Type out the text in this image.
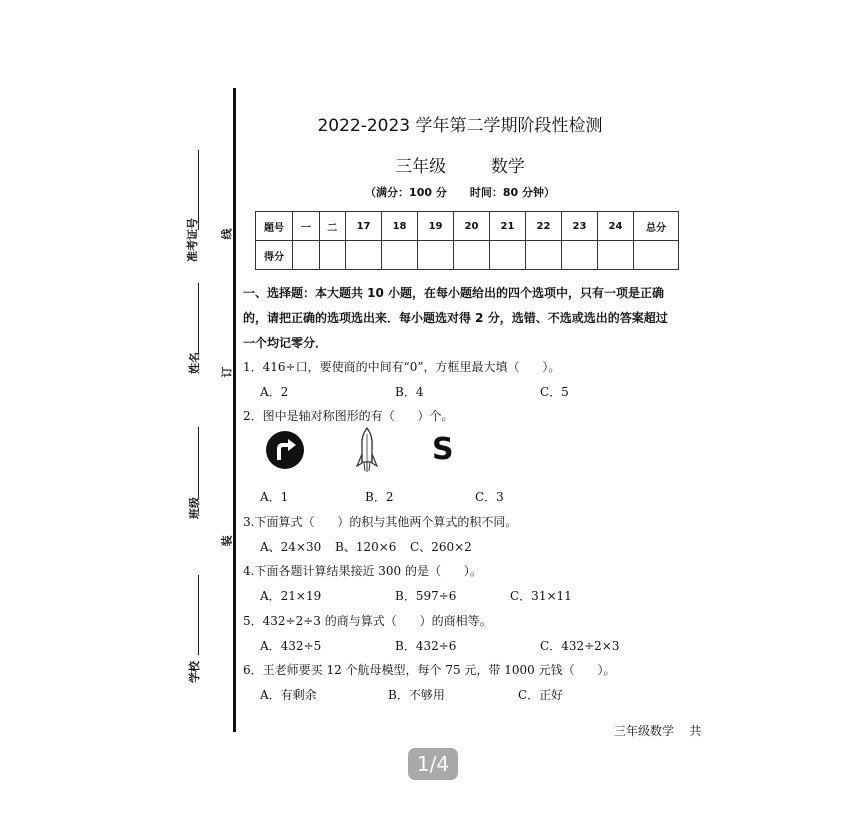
准考证号
姓名
班级
学校
线
订
装
2022-2023 学年第二学期阶段性检测
三年级	数学
（满分：100 分      时间：80 分钟）
题号	一	二	17	18	19	20	21	22	23	24	总分
得分											
一、选择题：本大题共 10 小题，在每小题给出的四个选项中，只有一项是正确
的，请把正确的选项选出来．每小题选对得 2 分，选错、不选或选出的答案超过
一个均记零分．
1．416÷口，要使商的中间有“0”，方框里最大填（      ）。
A．2	B．4	C．5
2．图中是轴对称图形的有（      ）个。
S
A．1	B．2	C．3
3.下面算式（      ）的积与其他两个算式的积不同。
A、24×30 B、120×6 C、260×2
4.下面各题计算结果接近 300 的是（      ）。
A．21×19	B．597÷6	C．31×11
5．432÷2÷3 的商与算式（      ）的商相等。
A．432÷5	B．432÷6	C．432÷2×3
6．王老师要买 12 个航母模型，每个 75 元，带 1000 元钱（      ）。
A．有剩余	B．不够用	C．正好
三年级数学    共
1/4
